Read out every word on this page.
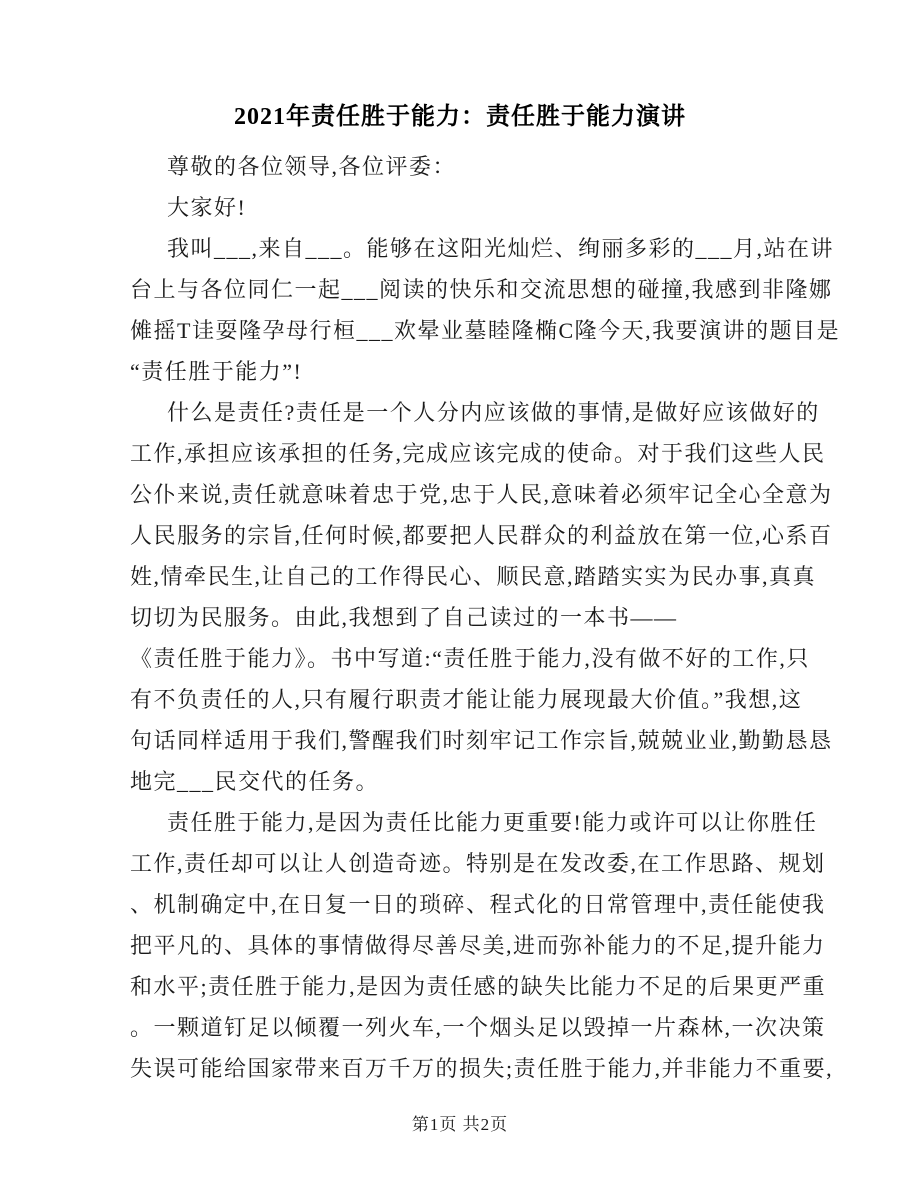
2021年责任胜于能力：责任胜于能力演讲
尊敬的各位领导,各位评委：
大家好!
我叫___,来自___。能够在这阳光灿烂、绚丽多彩的___月,站在讲
台上与各位同仁一起___阅读的快乐和交流思想的碰撞,我感到非隆娜
傩摇T诖耍隆孕母行桓___欢晕业墓睦隆椭C隆今天,我要演讲的题目是
“责任胜于能力”!
什么是责任?责任是一个人分内应该做的事情,是做好应该做好的
工作,承担应该承担的任务,完成应该完成的使命。对于我们这些人民
公仆来说,责任就意味着忠于党,忠于人民,意味着必须牢记全心全意为
人民服务的宗旨,任何时候,都要把人民群众的利益放在第一位,心系百
姓,情牵民生,让自己的工作得民心、顺民意,踏踏实实为民办事,真真
切切为民服务。由此,我想到了自己读过的一本书——
《责任胜于能力》。书中写道:“责任胜于能力,没有做不好的工作,只
有不负责任的人,只有履行职责才能让能力展现最大价值。”我想,这
句话同样适用于我们,警醒我们时刻牢记工作宗旨,兢兢业业,勤勤恳恳
地完___民交代的任务。
责任胜于能力,是因为责任比能力更重要!能力或许可以让你胜任
工作,责任却可以让人创造奇迹。特别是在发改委,在工作思路、规划
、机制确定中,在日复一日的琐碎、程式化的日常管理中,责任能使我
把平凡的、具体的事情做得尽善尽美,进而弥补能力的不足,提升能力
和水平;责任胜于能力,是因为责任感的缺失比能力不足的后果更严重
。一颗道钉足以倾覆一列火车,一个烟头足以毁掉一片森林,一次决策
失误可能给国家带来百万千万的损失;责任胜于能力,并非能力不重要,
第1页 共2页
